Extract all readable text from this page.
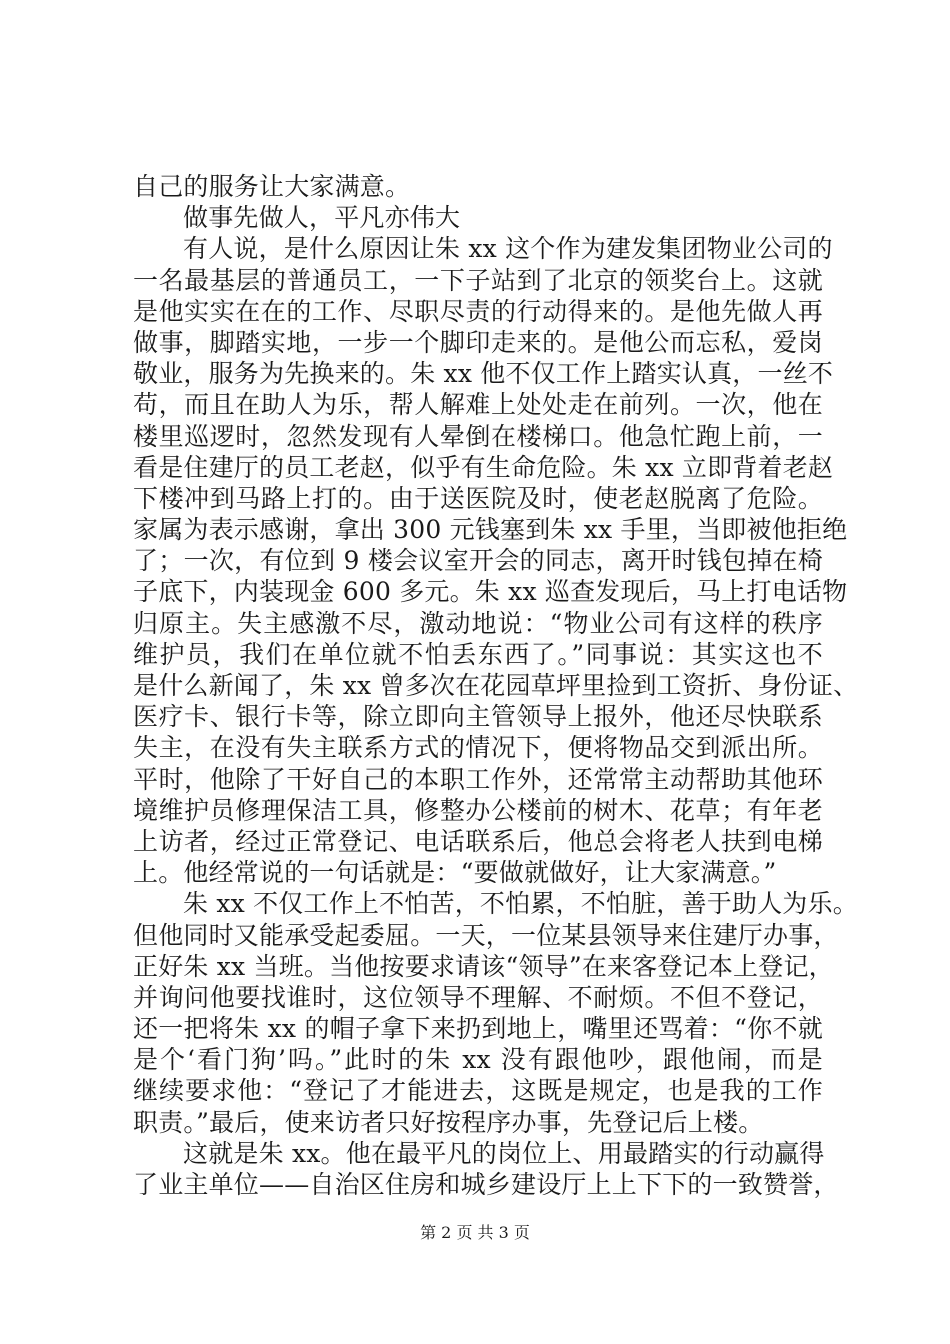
自己的服务让大家满意。
做事先做人，平凡亦伟大
有人说，是什么原因让朱 xx 这个作为建发集团物业公司的
一名最基层的普通员工，一下子站到了北京的领奖台上。这就
是他实实在在的工作、尽职尽责的行动得来的。是他先做人再
做事，脚踏实地，一步一个脚印走来的。是他公而忘私，爱岗
敬业，服务为先换来的。朱 xx 他不仅工作上踏实认真，一丝不
苟，而且在助人为乐，帮人解难上处处走在前列。一次，他在
楼里巡逻时，忽然发现有人晕倒在楼梯口。他急忙跑上前，一
看是住建厅的员工老赵，似乎有生命危险。朱 xx 立即背着老赵
下楼冲到马路上打的。由于送医院及时，使老赵脱离了危险。
家属为表示感谢，拿出 300 元钱塞到朱 xx 手里，当即被他拒绝
了；一次，有位到 9 楼会议室开会的同志，离开时钱包掉在椅
子底下，内装现金 600 多元。朱 xx 巡查发现后，马上打电话物
归原主。失主感激不尽，激动地说：“物业公司有这样的秩序
维护员，我们在单位就不怕丢东西了。”同事说：其实这也不
是什么新闻了，朱 xx 曾多次在花园草坪里捡到工资折、身份证、
医疗卡、银行卡等，除立即向主管领导上报外，他还尽快联系
失主，在没有失主联系方式的情况下，便将物品交到派出所。
平时，他除了干好自己的本职工作外，还常常主动帮助其他环
境维护员修理保洁工具，修整办公楼前的树木、花草；有年老
上访者，经过正常登记、电话联系后，他总会将老人扶到电梯
上。他经常说的一句话就是：“要做就做好，让大家满意。”
朱 xx 不仅工作上不怕苦，不怕累，不怕脏，善于助人为乐。
但他同时又能承受起委屈。一天，一位某县领导来住建厅办事，
正好朱 xx 当班。当他按要求请该“领导”在来客登记本上登记，
并询问他要找谁时，这位领导不理解、不耐烦。不但不登记，
还一把将朱 xx 的帽子拿下来扔到地上，嘴里还骂着：“你不就
是个‘看门狗’吗。”此时的朱 xx 没有跟他吵，跟他闹，而是
继续要求他：“登记了才能进去，这既是规定，也是我的工作
职责。”最后，使来访者只好按程序办事，先登记后上楼。
这就是朱 xx。他在最平凡的岗位上、用最踏实的行动赢得
了业主单位——自治区住房和城乡建设厅上上下下的一致赞誉，
第 2 页 共 3 页
